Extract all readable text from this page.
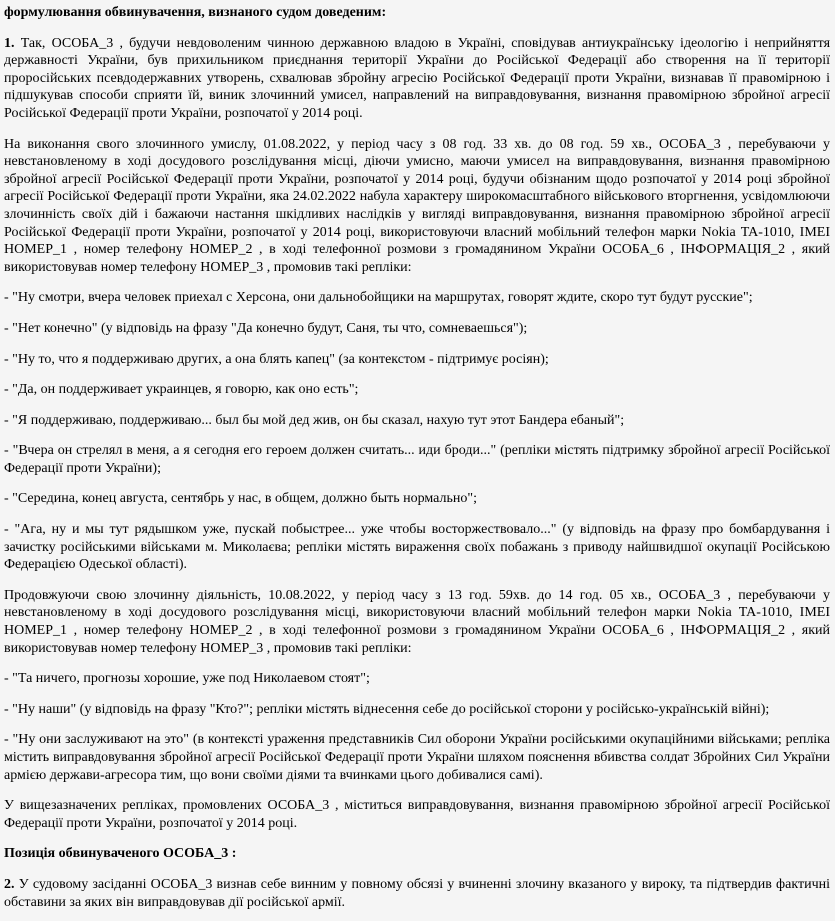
формулювання обвинувачення, визнаного судом доведеним:

1. Так, ОСОБА_3 , будучи невдоволеним чинною державною владою в Україні, сповідував антиукраїнську ідеологію і неприйняття державності України, був прихильником приєднання території України до Російської Федерації або створення на її території проросійських псевдодержавних утворень, схвалював збройну агресію Російської Федерації проти України, визнавав її правомірною і підшукував способи сприяти їй, виник злочинний умисел, направлений на виправдовування, визнання правомірною збройної агресії Російської Федерації проти України, розпочатої у 2014 році.

На виконання свого злочинного умислу, 01.08.2022, у період часу з 08 год. 33 хв. до 08 год. 59 хв., ОСОБА_3 , перебуваючи у невстановленому в ході досудового розслідування місці, діючи умисно, маючи умисел на виправдовування, визнання правомірною збройної агресії Російської Федерації проти України, розпочатої у 2014 році, будучи обізнаним щодо розпочатої у 2014 році збройної агресії Російської Федерації проти України, яка 24.02.2022 набула характеру широкомасштабного військового вторгнення, усвідомлюючи злочинність своїх дій і бажаючи настання шкідливих наслідків у вигляді виправдовування, визнання правомірною збройної агресії Російської Федерації проти України, розпочатої у 2014 році, використовуючи власний мобільний телефон марки Nokia TA-1010, IMEI НОМЕР_1 , номер телефону НОМЕР_2 , в ході телефонної розмови з громадянином України ОСОБА_6 , ІНФОРМАЦІЯ_2 , який використовував номер телефону НОМЕР_3 , промовив такі репліки:

- "Ну смотри, вчера человек приехал с Херсона, они дальнобойщики на маршрутах, говорят ждите, скоро тут будут русские";

- "Нет конечно" (у відповідь на фразу "Да конечно будут, Саня, ты что, сомневаешься");

- "Ну то, что я поддерживаю других, а она блять капец" (за контекстом - підтримує росіян);

- "Да, он поддерживает украинцев, я говорю, как оно есть";

- "Я поддерживаю, поддерживаю... был бы мой дед жив, он бы сказал, нахую тут этот Бандера ебаный";

- "Вчера он стрелял в меня, а я сегодня его героем должен считать... иди броди..." (репліки містять підтримку збройної агресії Російської Федерації проти України);

- "Середина, конец августа, сентябрь у нас, в общем, должно быть нормально";

- "Ага, ну и мы тут рядышком уже, пускай побыстрее... уже чтобы восторжествовало..." (у відповідь на фразу про бомбардування і зачистку російськими військами м. Миколаєва; репліки містять вираження своїх побажань з приводу найшвидшої окупації Російською Федерацією Одеської області).

Продовжуючи свою злочинну діяльність, 10.08.2022, у період часу з 13 год. 59хв. до 14 год. 05 хв., ОСОБА_3 , перебуваючи у невстановленому в ході досудового розслідування місці, використовуючи власний мобільний телефон марки Nokia TA-1010, IMEI НОМЕР_1 , номер телефону НОМЕР_2 , в ході телефонної розмови з громадянином України ОСОБА_6 , ІНФОРМАЦІЯ_2 , який використовував номер телефону НОМЕР_3 , промовив такі репліки:

- "Та ничего, прогнозы хорошие, уже под Николаевом стоят";

- "Ну наши" (у відповідь на фразу "Кто?"; репліки містять віднесення себе до російської сторони у російсько-українській війні);

- "Ну они заслуживают на это" (в контексті ураження представників Сил оборони України російськими окупаційними військами; репліка містить виправдовування збройної агресії Російської Федерації проти України шляхом пояснення вбивства солдат Збройних Сил України армією держави-агресора тим, що вони своїми діями та вчинками цього добивалися самі).

У вищезазначених репліках, промовлених ОСОБА_3 , міститься виправдовування, визнання правомірною збройної агресії Російської Федерації проти України, розпочатої у 2014 році.

Позиція обвинуваченого ОСОБА_3 :

2. У судовому засіданні ОСОБА_3 визнав себе винним у повному обсязі у вчиненні злочину вказаного у вироку, та підтвердив фактичні обставини за яких він виправдовував дії російської армії.
